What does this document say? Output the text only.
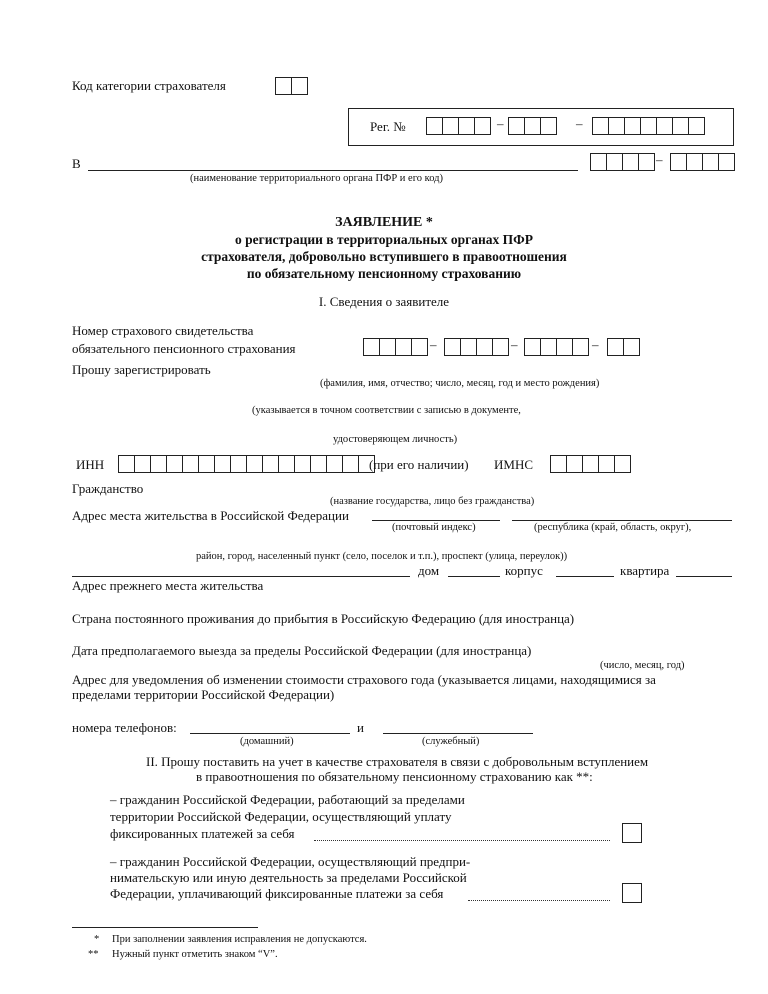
Код категории страхователя
Рег. №	–	–
В
(наименование территориального органа ПФР и его код)
–
ЗАЯВЛЕНИЕ *
о регистрации в территориальных органах ПФР
страхователя, добровольно вступившего в правоотношения
по обязательному пенсионному страхованию
I. Сведения о заявителе
Номер страхового свидетельства
обязательного пенсионного страхования	–	–	–
Прошу зарегистрировать
(фамилия, имя, отчество; число, месяц, год и место рождения)
(указывается в точном соответствии с записью в документе,
удостоверяющем личность)
ИНН	(при его наличии) ИМНС
Гражданство
(название государства, лицо без гражданства)
Адрес места жительства в Российской Федерации
(почтовый индекс)	(республика (край, область, округ),
район, город, населенный пункт (село, поселок и т.п.), проспект (улица, переулок))
дом	корпус	квартира
Адрес прежнего места жительства
Страна постоянного проживания до прибытия в Российскую Федерацию (для иностранца)
Дата предполагаемого выезда за пределы Российской Федерации (для иностранца)
(число, месяц, год)
Адрес для уведомления об изменении стоимости страхового года (указывается лицами, находящимися за
пределами территории Российской Федерации)
номера телефонов:	и
(домашний)	(служебный)
II. Прошу поставить на учет в качестве страхователя в связи с добровольным вступлением
в правоотношения по обязательному пенсионному страхованию как **:
– гражданин Российской Федерации, работающий за пределами
территории Российской Федерации, осуществляющий уплату
фиксированных платежей за себя
– гражданин Российской Федерации, осуществляющий предпри-
нимательскую или иную деятельность за пределами Российской
Федерации, уплачивающий фиксированные платежи за себя
* При заполнении заявления исправления не допускаются.
** Нужный пункт отметить знаком “V”.
